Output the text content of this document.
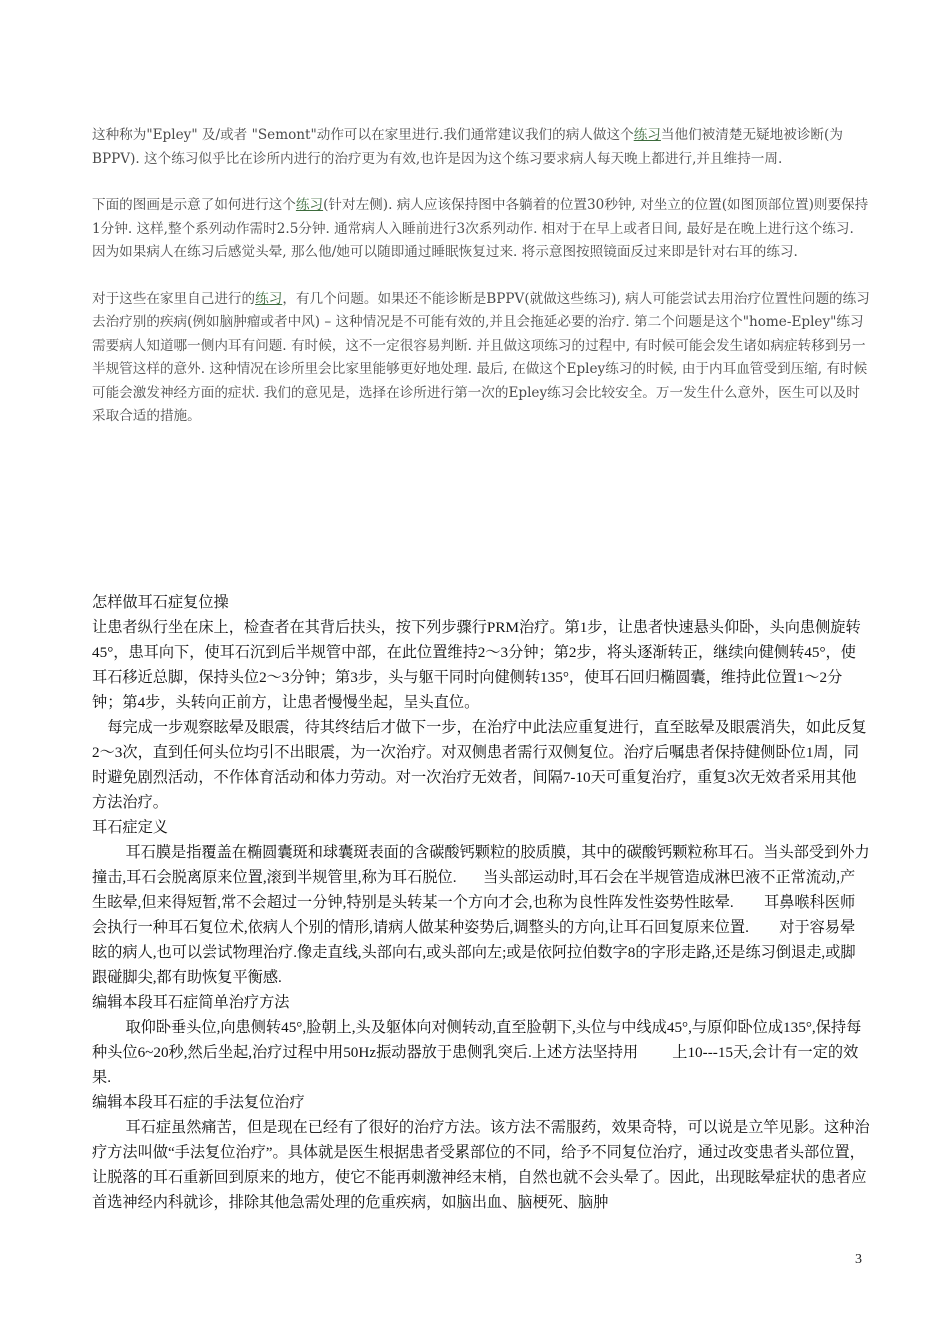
这种称为"Epley" 及/或者 "Semont"动作可以在家里进行.我们通常建议我们的病人做这个练习当他们被清楚无疑地被诊断(为BPPV). 这个练习似乎比在诊所内进行的治疗更为有效,也许是因为这个练习要求病人每天晚上都进行,并且维持一周.

下面的图画是示意了如何进行这个练习(针对左侧). 病人应该保持图中各躺着的位置30秒钟, 对坐立的位置(如图顶部位置)则要保持1分钟. 这样,整个系列动作需时2.5分钟. 通常病人入睡前进行3次系列动作. 相对于在早上或者日间, 最好是在晚上进行这个练习. 因为如果病人在练习后感觉头晕, 那么他/她可以随即通过睡眠恢复过来. 将示意图按照镜面反过来即是针对右耳的练习.

对于这些在家里自己进行的练习，有几个问题。如果还不能诊断是BPPV(就做这些练习), 病人可能尝试去用治疗位置性问题的练习去治疗别的疾病(例如脑肿瘤或者中风) – 这种情况是不可能有效的,并且会拖延必要的治疗. 第二个问题是这个"home-Epley"练习需要病人知道哪一侧内耳有问题. 有时候，这不一定很容易判断. 并且做这项练习的过程中, 有时候可能会发生诸如病症转移到另一半规管这样的意外. 这种情况在诊所里会比家里能够更好地处理. 最后, 在做这个Epley练习的时候, 由于内耳血管受到压缩, 有时候可能会激发神经方面的症状. 我们的意见是，选择在诊所进行第一次的Epley练习会比较安全。万一发生什么意外，医生可以及时采取合适的措施。

怎样做耳石症复位操

让患者纵行坐在床上，检查者在其背后扶头，按下列步骤行PRM治疗。第1步，让患者快速悬头仰卧，头向患侧旋转45°，患耳向下，使耳石沉到后半规管中部，在此位置维持2～3分钟；第2步，将头逐渐转正，继续向健侧转45°，使耳石移近总脚，保持头位2～3分钟；第3步，头与躯干同时向健侧转135°，使耳石回归椭圆囊，维持此位置1～2分钟；第4步，头转向正前方，让患者慢慢坐起，呈头直位。

每完成一步观察眩晕及眼震，待其终结后才做下一步，在治疗中此法应重复进行，直至眩晕及眼震消失，如此反复2～3次，直到任何头位均引不出眼震，为一次治疗。对双侧患者需行双侧复位。治疗后嘱患者保持健侧卧位1周，同时避免剧烈活动，不作体育活动和体力劳动。对一次治疗无效者，间隔7-10天可重复治疗，重复3次无效者采用其他方法治疗。

耳石症定义

耳石膜是指覆盖在椭圆囊斑和球囊斑表面的含碳酸钙颗粒的胶质膜，其中的碳酸钙颗粒称耳石。当头部受到外力撞击,耳石会脱离原来位置,滚到半规管里,称为耳石脱位.       当头部运动时,耳石会在半规管造成淋巴液不正常流动,产生眩晕,但来得短暂,常不会超过一分钟,特别是头转某一个方向才会,也称为良性阵发性姿势性眩晕.        耳鼻喉科医师会执行一种耳石复位术,依病人个别的情形,请病人做某种姿势后,调整头的方向,让耳石回复原来位置.        对于容易晕眩的病人,也可以尝试物理治疗.像走直线,头部向右,或头部向左;或是依阿拉伯数字8的字形走路,还是练习倒退走,或脚跟碰脚尖,都有助恢复平衡感.

编辑本段耳石症简单治疗方法

取仰卧垂头位,向患侧转45°,脸朝上,头及躯体向对侧转动,直至脸朝下,头位与中线成45°,与原仰卧位成135°,保持每种头位6~20秒,然后坐起,治疗过程中用50Hz振动器放于患侧乳突后.上述方法坚持用         上10---15天,会计有一定的效果.

编辑本段耳石症的手法复位治疗

耳石症虽然痛苦，但是现在已经有了很好的治疗方法。该方法不需服药，效果奇特，可以说是立竿见影。这种治疗方法叫做“手法复位治疗”。具体就是医生根据患者受累部位的不同，给予不同复位治疗，通过改变患者头部位置，让脱落的耳石重新回到原来的地方，使它不能再刺激神经末梢，自然也就不会头晕了。因此，出现眩晕症状的患者应首选神经内科就诊，排除其他急需处理的危重疾病，如脑出血、脑梗死、脑肿

3
